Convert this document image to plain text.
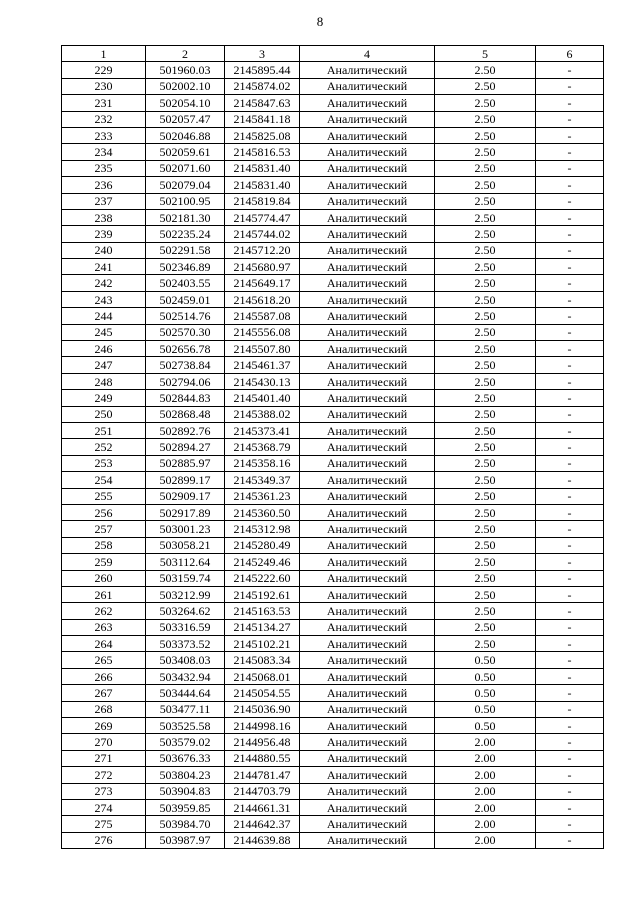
8
1	2	3	4	5	6
229	501960.03	2145895.44	Аналитический	2.50	-
230	502002.10	2145874.02	Аналитический	2.50	-
231	502054.10	2145847.63	Аналитический	2.50	-
232	502057.47	2145841.18	Аналитический	2.50	-
233	502046.88	2145825.08	Аналитический	2.50	-
234	502059.61	2145816.53	Аналитический	2.50	-
235	502071.60	2145831.40	Аналитический	2.50	-
236	502079.04	2145831.40	Аналитический	2.50	-
237	502100.95	2145819.84	Аналитический	2.50	-
238	502181.30	2145774.47	Аналитический	2.50	-
239	502235.24	2145744.02	Аналитический	2.50	-
240	502291.58	2145712.20	Аналитический	2.50	-
241	502346.89	2145680.97	Аналитический	2.50	-
242	502403.55	2145649.17	Аналитический	2.50	-
243	502459.01	2145618.20	Аналитический	2.50	-
244	502514.76	2145587.08	Аналитический	2.50	-
245	502570.30	2145556.08	Аналитический	2.50	-
246	502656.78	2145507.80	Аналитический	2.50	-
247	502738.84	2145461.37	Аналитический	2.50	-
248	502794.06	2145430.13	Аналитический	2.50	-
249	502844.83	2145401.40	Аналитический	2.50	-
250	502868.48	2145388.02	Аналитический	2.50	-
251	502892.76	2145373.41	Аналитический	2.50	-
252	502894.27	2145368.79	Аналитический	2.50	-
253	502885.97	2145358.16	Аналитический	2.50	-
254	502899.17	2145349.37	Аналитический	2.50	-
255	502909.17	2145361.23	Аналитический	2.50	-
256	502917.89	2145360.50	Аналитический	2.50	-
257	503001.23	2145312.98	Аналитический	2.50	-
258	503058.21	2145280.49	Аналитический	2.50	-
259	503112.64	2145249.46	Аналитический	2.50	-
260	503159.74	2145222.60	Аналитический	2.50	-
261	503212.99	2145192.61	Аналитический	2.50	-
262	503264.62	2145163.53	Аналитический	2.50	-
263	503316.59	2145134.27	Аналитический	2.50	-
264	503373.52	2145102.21	Аналитический	2.50	-
265	503408.03	2145083.34	Аналитический	0.50	-
266	503432.94	2145068.01	Аналитический	0.50	-
267	503444.64	2145054.55	Аналитический	0.50	-
268	503477.11	2145036.90	Аналитический	0.50	-
269	503525.58	2144998.16	Аналитический	0.50	-
270	503579.02	2144956.48	Аналитический	2.00	-
271	503676.33	2144880.55	Аналитический	2.00	-
272	503804.23	2144781.47	Аналитический	2.00	-
273	503904.83	2144703.79	Аналитический	2.00	-
274	503959.85	2144661.31	Аналитический	2.00	-
275	503984.70	2144642.37	Аналитический	2.00	-
276	503987.97	2144639.88	Аналитический	2.00	-
